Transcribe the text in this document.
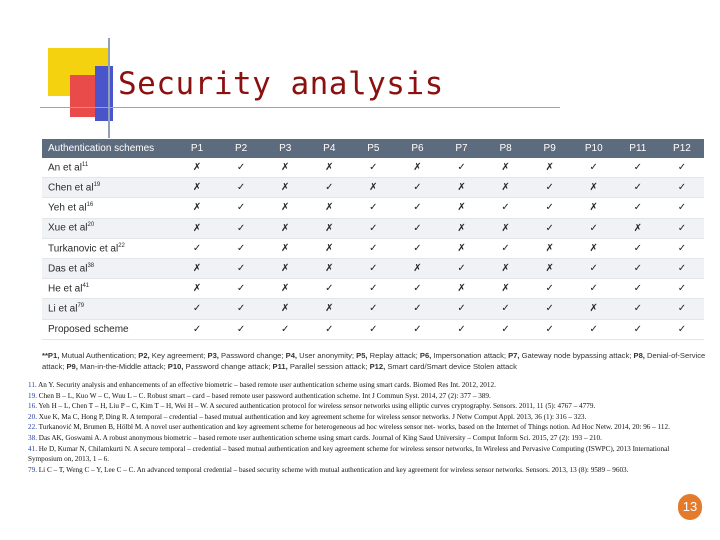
Security analysis
Authentication schemes	P1	P2	P3	P4	P5	P6	P7	P8	P9	P10	P11	P12
An et $al^{11}$	✗	✓	✗	✗	✓	✗	✓	✗	✗	✓	✓	✓
Chen et $al^{19}$	✗	✓	✗	✓	✗	✓	✗	✗	✓	✗	✓	✓
Yeh et $al^{16}$	✗	✓	✗	✗	✓	✓	✗	✓	✓	✗	✓	✓
Xue et $al^{20}$	✗	✓	✗	✗	✓	✓	✗	✗	✓	✓	✗	✓
Turkanovic et $al^{22}$	✓	✓	✗	✗	✓	✓	✗	✓	✗	✗	✓	✓
Das et $al^{38}$	✗	✓	✗	✗	✓	✗	✓	✗	✗	✓	✓	✓
He et $al^{41}$	✗	✓	✗	✓	✓	✓	✗	✗	✓	✓	✓	✓
Li et $al^{79}$	✓	✓	✗	✗	✓	✓	✓	✓	✓	✗	✓	✓
Proposed scheme	✓	✓	✓	✓	✓	✓	✓	✓	✓	✓	✓	✓
**P1, Mutual Authentication; P2, Key agreement; P3, Password change; P4, User anonymity; P5, Replay attack; P6, Impersonation attack; P7, Gateway node bypassing attack; P8, Denial-of-Service attack; P9, Man-in-the-Middle attack; P10, Password change attack; P11, Parallel session attack; P12, Smart card/Smart device Stolen attack

11. An Y. Security analysis and enhancements of an effective biometric – based remote user authentication scheme using smart cards. Biomed Res Int. 2012, 2012.

19. Chen B – L, Kuo W – C, Wuu L – C. Robust smart – card – based remote user password authentication scheme. Int J Commun Syst. 2014, 27 (2): 377 – 389.

16. Yeh H – L, Chen T – H, Liu P – C, Kim T – H, Wei H – W. A secured authentication protocol for wireless sensor networks using elliptic curves cryptography. Sensors. 2011, 11 (5): 4767 – 4779.

20. Xue K, Ma C, Hong P, Ding R. A temporal – credential – based mutual authentication and key agreement scheme for wireless sensor networks. J Netw Comput Appl. 2013, 36 (1): 316 – 323.

22. Turkanović M, Brumen B, Hölbl M. A novel user authentication and key agreement scheme for heterogeneous ad hoc wireless sensor net- works, based on the Internet of Things notion. Ad Hoc Netw. 2014, 20: 96 – 112.

38. Das AK, Goswami A. A robust anonymous biometric – based remote user authentication scheme using smart cards. Journal of King Saud University – Comput Inform Sci. 2015, 27 (2): 193 – 210.

41. He D, Kumar N, Chilamkurti N. A secure temporal – credential – based mutual authentication and key agreement scheme for wireless sensor networks, In Wireless and Pervasive Computing (ISWPC), 2013 International Symposium on, 2013, 1 – 6.

79. Li C – T, Weng C – Y, Lee C – C. An advanced temporal credential – based security scheme with mutual authentication and key agreement for wireless sensor networks. Sensors. 2013, 13 (8): 9589 – 9603.

13
